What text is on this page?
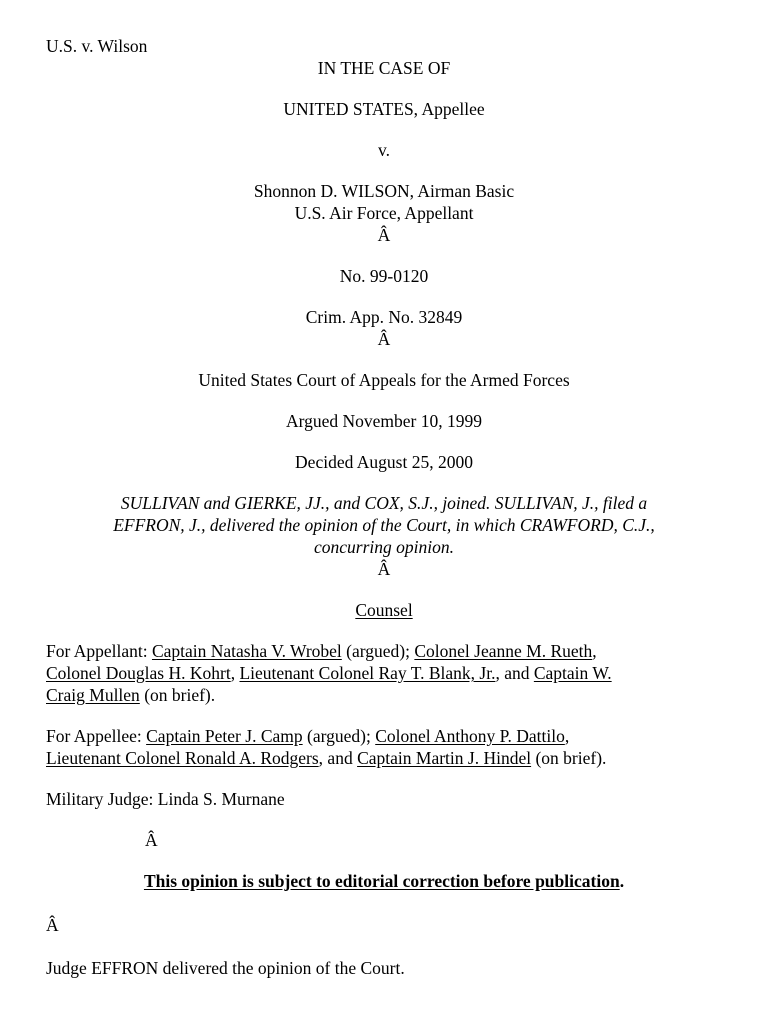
U.S. v. Wilson
IN THE CASE OF
UNITED STATES, Appellee
v.
Shonnon D. WILSON, Airman Basic
U.S. Air Force, Appellant
Â
No. 99-0120
Crim. App. No. 32849
Â
United States Court of Appeals for the Armed Forces
Argued November 10, 1999
Decided August 25, 2000
SULLIVAN and GIERKE, JJ., and COX, S.J., joined. SULLIVAN, J., filed a
EFFRON, J., delivered the opinion of the Court, in which CRAWFORD, C.J.,
concurring opinion.
Â
Counsel
For Appellant: Captain Natasha V. Wrobel (argued); Colonel Jeanne M. Rueth,
Colonel Douglas H. Kohrt, Lieutenant Colonel Ray T. Blank, Jr., and Captain W.
Craig Mullen (on brief).
For Appellee: Captain Peter J. Camp (argued); Colonel Anthony P. Dattilo,
Lieutenant Colonel Ronald A. Rodgers, and Captain Martin J. Hindel (on brief).
Military Judge: Linda S. Murnane
Â
This opinion is subject to editorial correction before publication.
Â
Judge EFFRON delivered the opinion of the Court.
